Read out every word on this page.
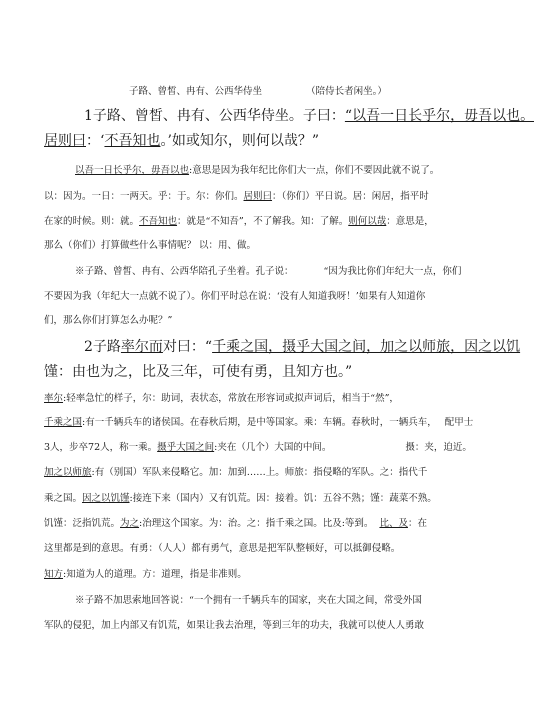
子路、曾皙、冉有、公西华侍坐	（陪侍长者闲坐。）
1子路、曾皙、冉有、公西华侍坐。子曰：“以吾一日长乎尔，毋吾以也。
居则曰：‘不吾知也。’如或知尔，则何以哉？”
以吾一日长乎尔，毋吾以也:意思是因为我年纪比你们大一点，你们不要因此就不说了。
以：因为。一日：一两天。乎：于。尔：你们。居则曰：（你们）平日说。居：闲居，指平时
在家的时候。则：就。不吾知也：就是“不知吾”，不了解我。知：了解。则何以哉：意思是，
那么（你们）打算做些什么事情呢？ 以：用、做。
※子路、曾皙、冉有、公西华陪孔子坐着。孔子说：	“因为我比你们年纪大一点，你们
不要因为我（年纪大一点就不说了）。你们平时总在说：‘没有人知道我呀！’如果有人知道你
们，那么你们打算怎么办呢？”
2子路率尔而对曰：“千乘之国，摄乎大国之间，加之以师旅，因之以饥
馑：由也为之，比及三年，可使有勇，且知方也。”
率尔:轻率急忙的样子，尔：助词，表状态，常放在形容词或拟声词后，相当于“然”，
千乘之国:有一千辆兵车的诸侯国。在春秋后期，是中等国家。乘：车辆。春秋时，一辆兵车， 配甲士
3人，步卒72人，称一乘。摄乎大国之间:夹在（几个）大国的中间。	摄：夹，迫近。
加之以师旅:有（别国）军队来侵略它。加：加到……上。师旅：指侵略的军队。之：指代千
乘之国。因之以饥馑:接连下来（国内）又有饥荒。因：接着。饥：五谷不熟；馑：蔬菜不熟。
饥馑：泛指饥荒。为之:治理这个国家。为：治。之：指千乘之国。比及:等到。 比、及：在
这里都是到的意思。有勇：（人人）都有勇气，意思是把军队整顿好，可以抵御侵略。
知方:知道为人的道理。方：道理，指是非准则。
※子路不加思索地回答说：“一个拥有一千辆兵车的国家，夹在大国之间，常受外国
军队的侵犯，加上内部又有饥荒，如果让我去治理，等到三年的功夫，我就可以使人人勇敢
